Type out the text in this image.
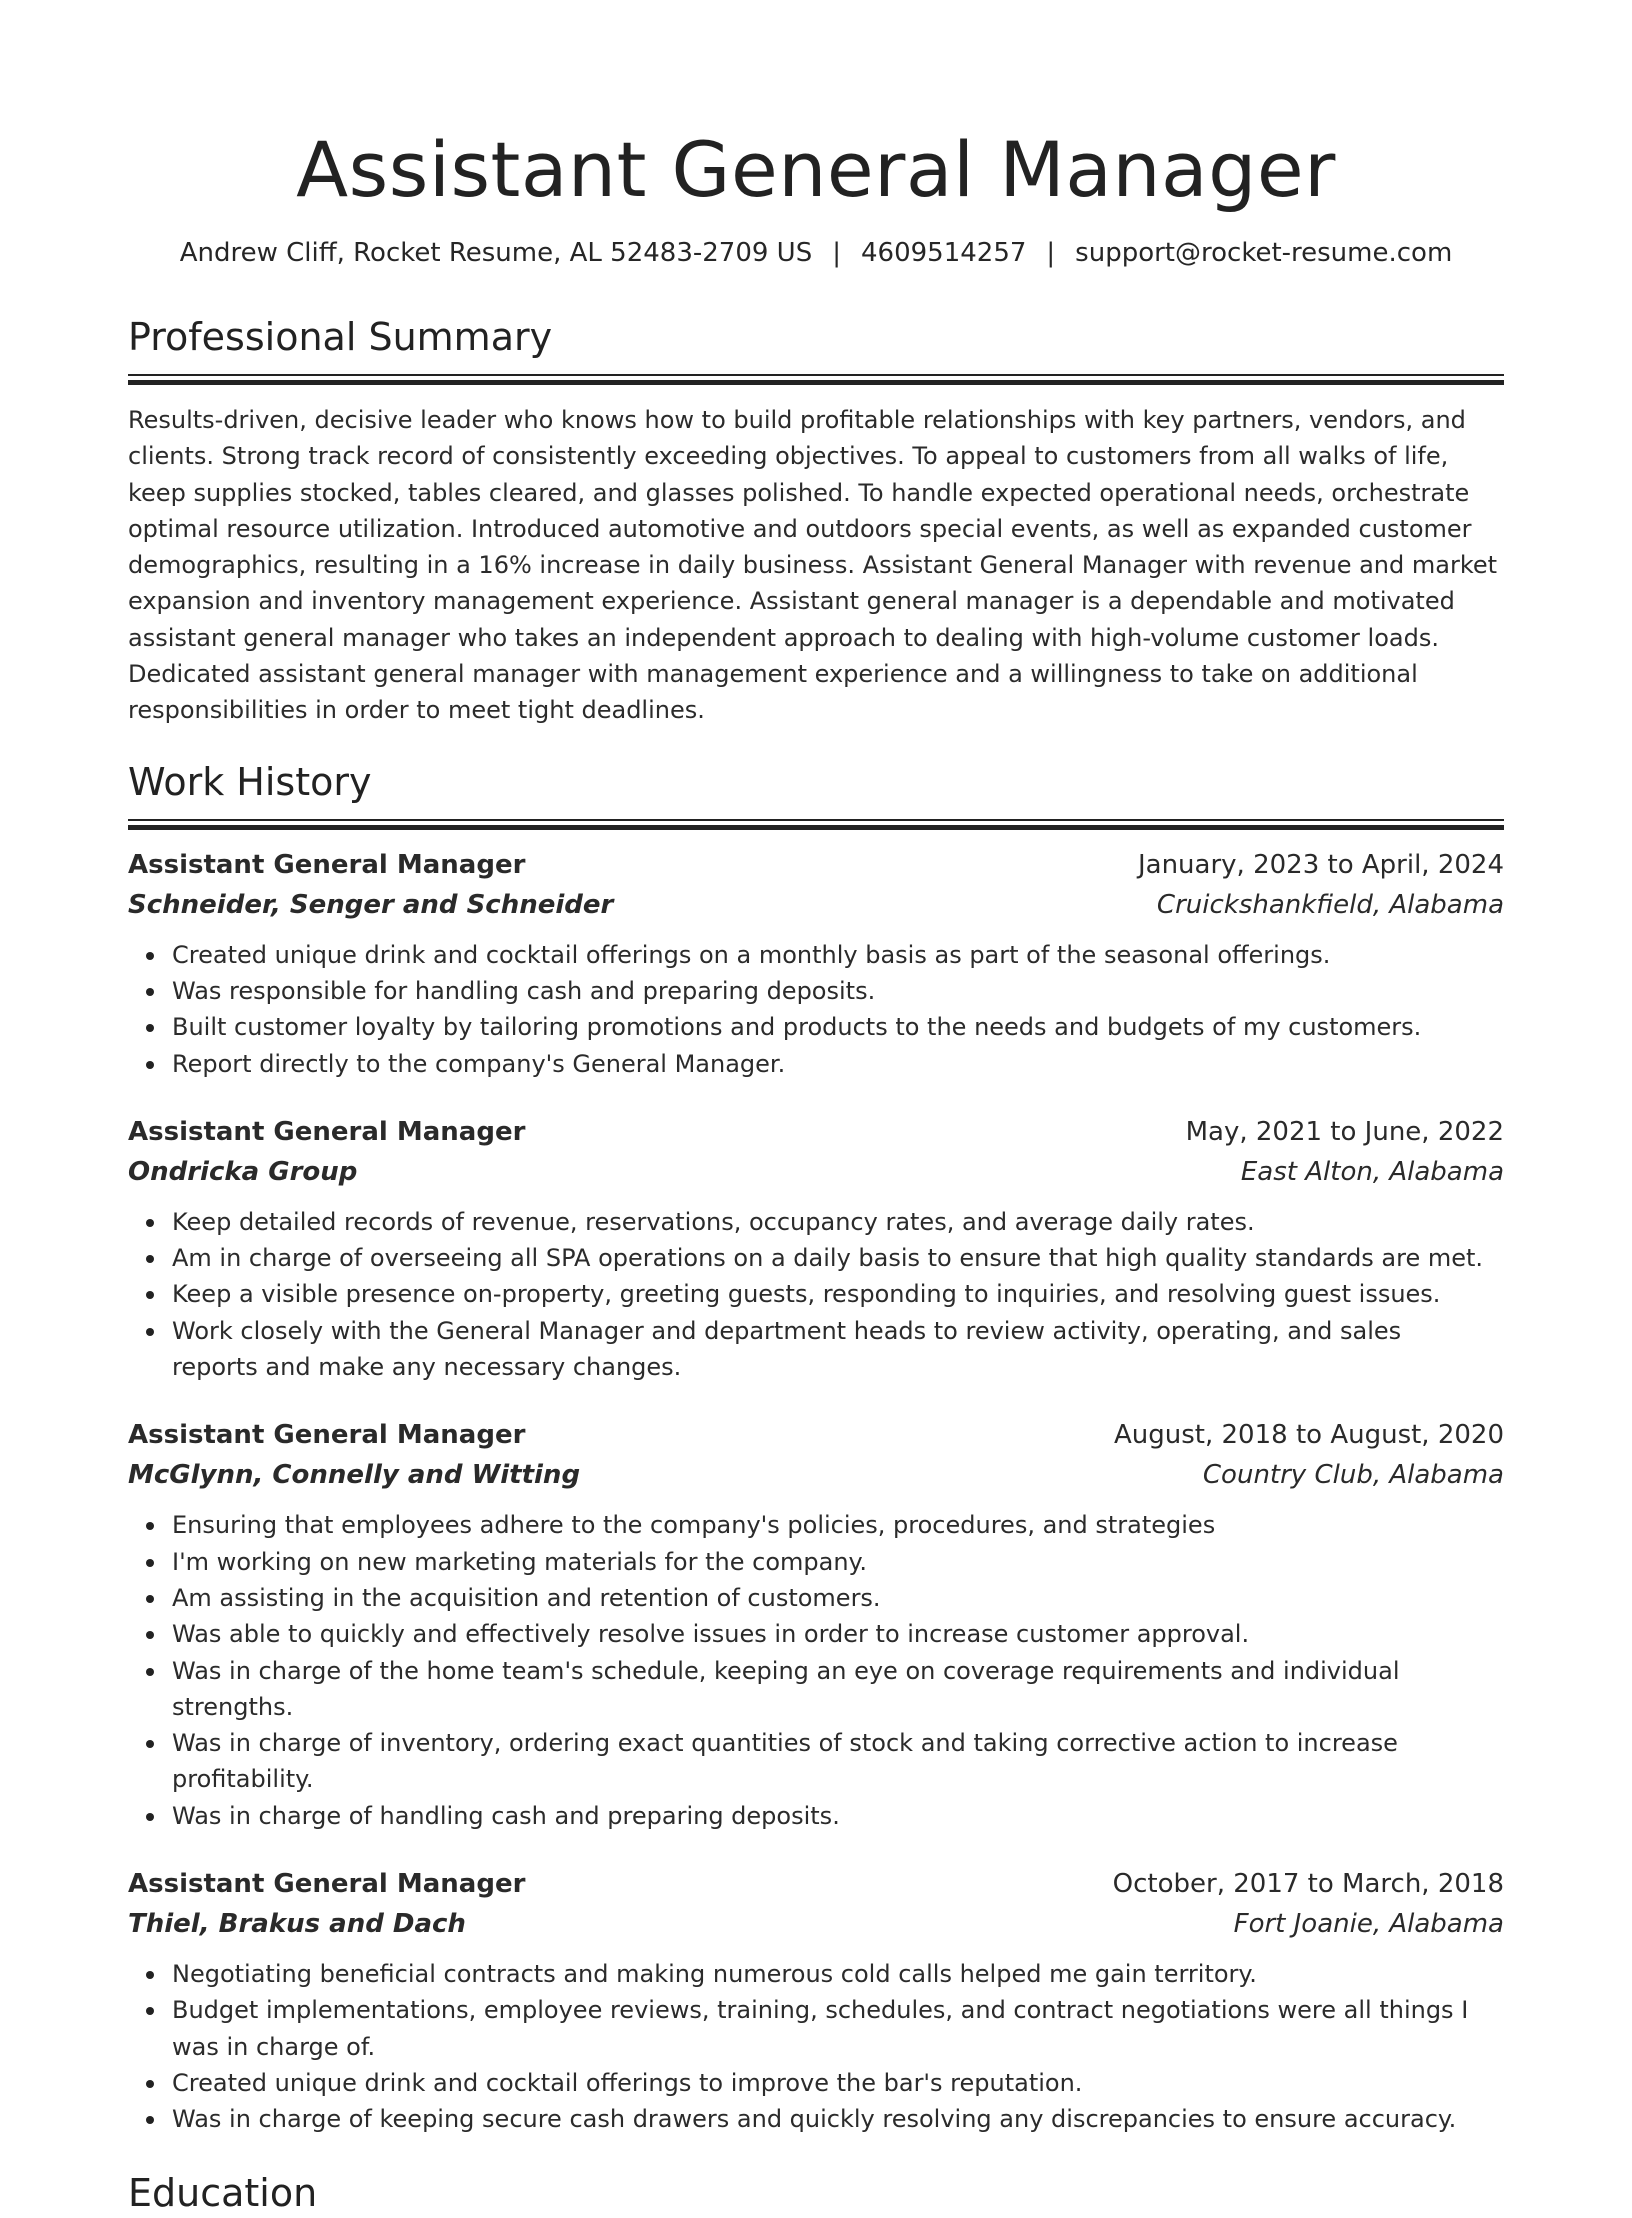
Assistant General Manager
Andrew Cliff, Rocket Resume, AL 52483-2709 US | 4609514257 | support@rocket-resume.com
Professional Summary

Results-driven, decisive leader who knows how to build profitable relationships with key partners, vendors, and clients. Strong track record of consistently exceeding objectives. To appeal to customers from all walks of life, keep supplies stocked, tables cleared, and glasses polished. To handle expected operational needs, orchestrate optimal resource utilization. Introduced automotive and outdoors special events, as well as expanded customer demographics, resulting in a 16% increase in daily business. Assistant General Manager with revenue and market expansion and inventory management experience. Assistant general manager is a dependable and motivated assistant general manager who takes an independent approach to dealing with high-volume customer loads. Dedicated assistant general manager with management experience and a willingness to take on additional responsibilities in order to meet tight deadlines.

Work History
Assistant General Manager	January, 2023 to April, 2024
Schneider, Senger and Schneider	Cruickshankfield, Alabama
Created unique drink and cocktail offerings on a monthly basis as part of the seasonal offerings.
Was responsible for handling cash and preparing deposits.
Built customer loyalty by tailoring promotions and products to the needs and budgets of my customers.
Report directly to the company's General Manager.
Assistant General Manager	May, 2021 to June, 2022
Ondricka Group	East Alton, Alabama
Keep detailed records of revenue, reservations, occupancy rates, and average daily rates.
Am in charge of overseeing all SPA operations on a daily basis to ensure that high quality standards are met.
Keep a visible presence on-property, greeting guests, responding to inquiries, and resolving guest issues.
Work closely with the General Manager and department heads to review activity, operating, and sales reports and make any necessary changes.
Assistant General Manager	August, 2018 to August, 2020
McGlynn, Connelly and Witting	Country Club, Alabama
Ensuring that employees adhere to the company's policies, procedures, and strategies
I'm working on new marketing materials for the company.
Am assisting in the acquisition and retention of customers.
Was able to quickly and effectively resolve issues in order to increase customer approval.
Was in charge of the home team's schedule, keeping an eye on coverage requirements and individual strengths.
Was in charge of inventory, ordering exact quantities of stock and taking corrective action to increase profitability.
Was in charge of handling cash and preparing deposits.
Assistant General Manager	October, 2017 to March, 2018
Thiel, Brakus and Dach	Fort Joanie, Alabama
Negotiating beneficial contracts and making numerous cold calls helped me gain territory.
Budget implementations, employee reviews, training, schedules, and contract negotiations were all things I was in charge of.
Created unique drink and cocktail offerings to improve the bar's reputation.
Was in charge of keeping secure cash drawers and quickly resolving any discrepancies to ensure accuracy.
Education
